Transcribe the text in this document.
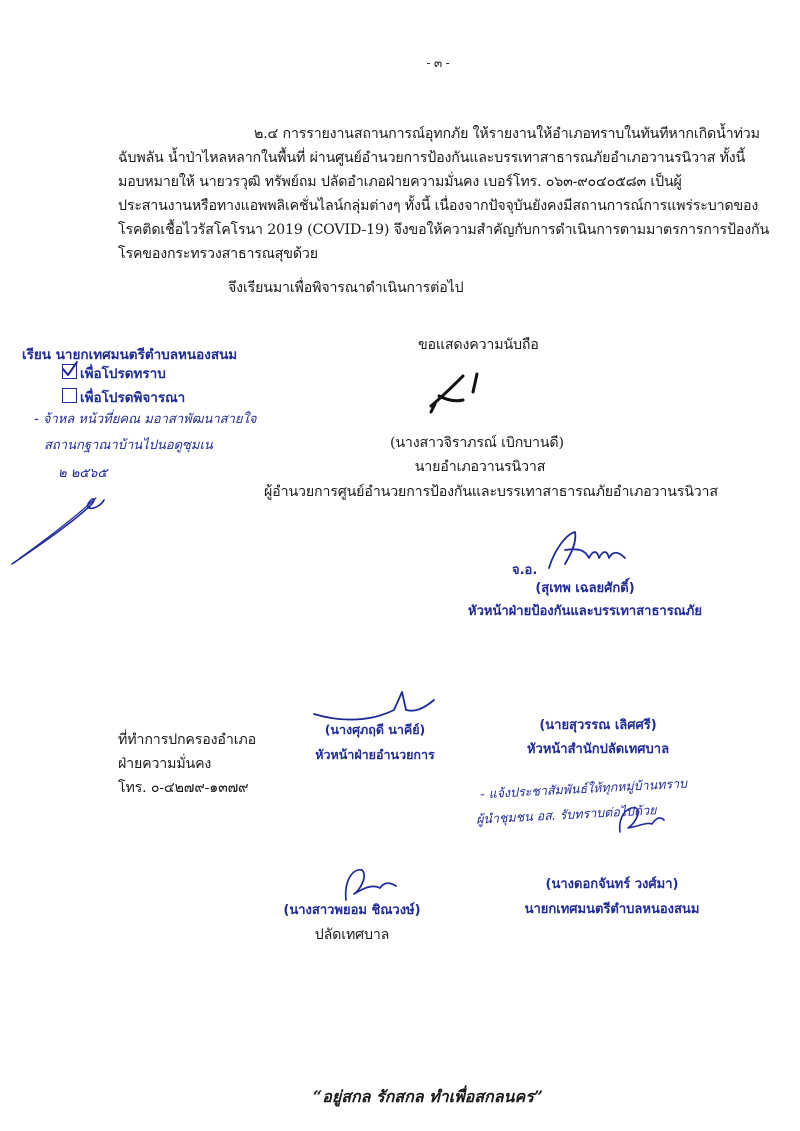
- ๓ -
๒.๔ การรายงานสถานการณ์อุทกภัย ให้รายงานให้อำเภอทราบในทันทีหากเกิดน้ำท่วม
ฉับพลัน น้ำป่าไหลหลากในพื้นที่ ผ่านศูนย์อำนวยการป้องกันและบรรเทาสาธารณภัยอำเภอวานรนิวาส ทั้งนี้
มอบหมายให้ นายวรวุฒิ ทรัพย์ถม ปลัดอำเภอฝ่ายความมั่นคง เบอร์โทร. ๐๖๓-๙๐๔๐๕๘๓ เป็นผู้
ประสานงานหรือทางแอพพลิเคชั่นไลน์กลุ่มต่างๆ ทั้งนี้ เนื่องจากปัจจุบันยังคงมีสถานการณ์การแพร่ระบาดของ
โรคติดเชื้อไวรัสโคโรนา 2019 (COVID-19) จึงขอให้ความสำคัญกับการดำเนินการตามมาตรการการป้องกัน
โรคของกระทรวงสาธารณสุขด้วย
จึงเรียนมาเพื่อพิจารณาดำเนินการต่อไป
ขอแสดงความนับถือ
(นางสาวจิราภรณ์ เบิกบานดี)
นายอำเภอวานรนิวาส
ผู้อำนวยการศูนย์อำนวยการป้องกันและบรรเทาสาธารณภัยอำเภอวานรนิวาส
เรียน นายกเทศมนตรีตำบลหนองสนม
เพื่อโปรดทราบ
เพื่อโปรดพิจารณา
- จ้าหล หน้วที่ยคณ มอาสาพัฒนาสายใจ
สถานกฐาณาบ้านไปนอดูซุมเน
๒ ๒๕๖๕
จ.อ.
(สุเทพ เฉลยศักดิ์)
หัวหน้าฝ่ายป้องกันและบรรเทาสาธารณภัย
ที่ทำการปกครองอำเภอ
ฝ่ายความมั่นคง
โทร. ๐-๔๒๗๙-๑๓๗๙
(นางศุภฤดี นาคีย์)
หัวหน้าฝ่ายอำนวยการ
(นายสุวรรณ เลิศศรี)
หัวหน้าสำนักปลัดเทศบาล
- แจ้งประชาสัมพันธ์ให้ทุกหมู่บ้านทราบ
ผู้นำชุมชน อส. รับทราบต่อไปด้วย
(นางดอกจันทร์ วงศ์มา)
นายกเทศมนตรีตำบลหนองสนม
(นางสาวพยอม ชิณวงษ์)
ปลัดเทศบาล
“อยู่สกล รักสกล ทำเพื่อสกลนคร”
